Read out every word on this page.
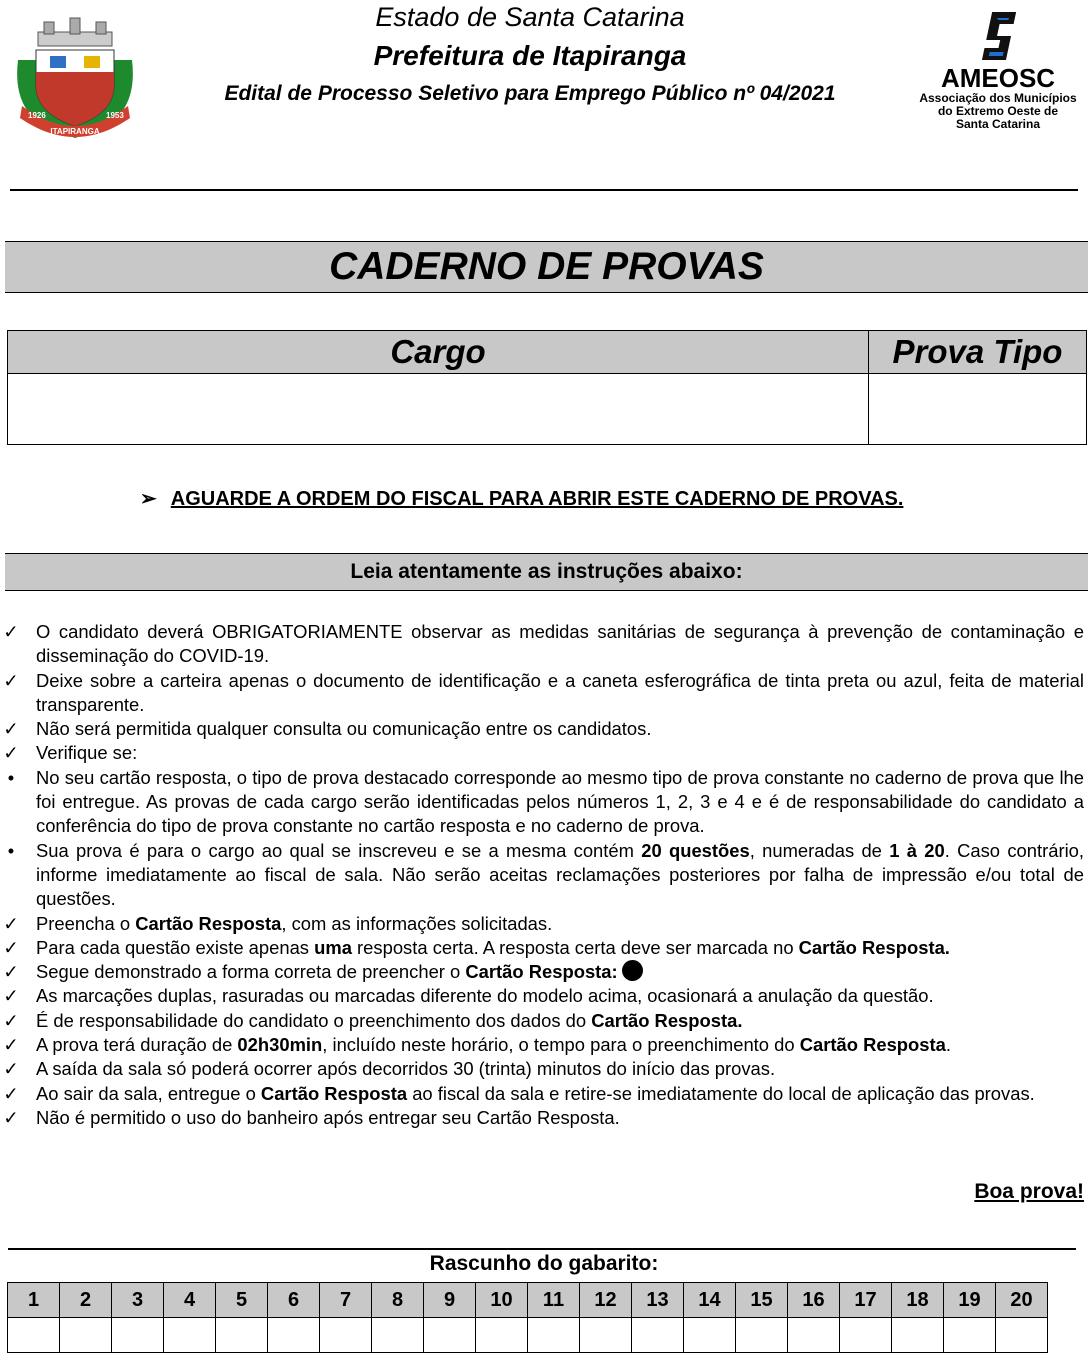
1926	1953
ITAPIRANGA
Estado de Santa Catarina
Prefeitura de Itapiranga
Edital de Processo Seletivo para Emprego Público nº 04/2021
AMEOSC
Associação dos Municípios
do Extremo Oeste de
Santa Catarina
CADERNO DE PROVAS
Cargo	Prova Tipo

➢ AGUARDE A ORDEM DO FISCAL PARA ABRIR ESTE CADERNO DE PROVAS.
Leia atentamente as instruções abaixo:
✓ O candidato deverá OBRIGATORIAMENTE observar as medidas sanitárias de segurança à prevenção de contaminação e disseminação do COVID-19.
✓ Deixe sobre a carteira apenas o documento de identificação e a caneta esferográfica de tinta preta ou azul, feita de material transparente.
✓ Não será permitida qualquer consulta ou comunicação entre os candidatos.
✓ Verifique se:
•	No seu cartão resposta, o tipo de prova destacado corresponde ao mesmo tipo de prova constante no caderno de prova que lhe foi entregue. As provas de cada cargo serão identificadas pelos números 1, 2, 3 e 4 e é de responsabilidade do candidato a conferência do tipo de prova constante no cartão resposta e no caderno de prova.
•	Sua prova é para o cargo ao qual se inscreveu e se a mesma contém 20 questões, numeradas de 1 à 20. Caso contrário, informe imediatamente ao fiscal de sala. Não serão aceitas reclamações posteriores por falha de impressão e/ou total de questões.
✓ Preencha o Cartão Resposta, com as informações solicitadas.
✓ Para cada questão existe apenas uma resposta certa. A resposta certa deve ser marcada no Cartão Resposta.
✓ Segue demonstrado a forma correta de preencher o Cartão Resposta:
✓ As marcações duplas, rasuradas ou marcadas diferente do modelo acima, ocasionará a anulação da questão.
✓ É de responsabilidade do candidato o preenchimento dos dados do Cartão Resposta.
✓ A prova terá duração de 02h30min, incluído neste horário, o tempo para o preenchimento do Cartão Resposta.
✓ A saída da sala só poderá ocorrer após decorridos 30 (trinta) minutos do início das provas.
✓ Ao sair da sala, entregue o Cartão Resposta ao fiscal da sala e retire-se imediatamente do local de aplicação das provas.
✓ Não é permitido o uso do banheiro após entregar seu Cartão Resposta.
Boa prova!
Rascunho do gabarito:
1	2	3	4	5	6	7	8	9	10	11	12	13	14	15	16	17	18	19	20
